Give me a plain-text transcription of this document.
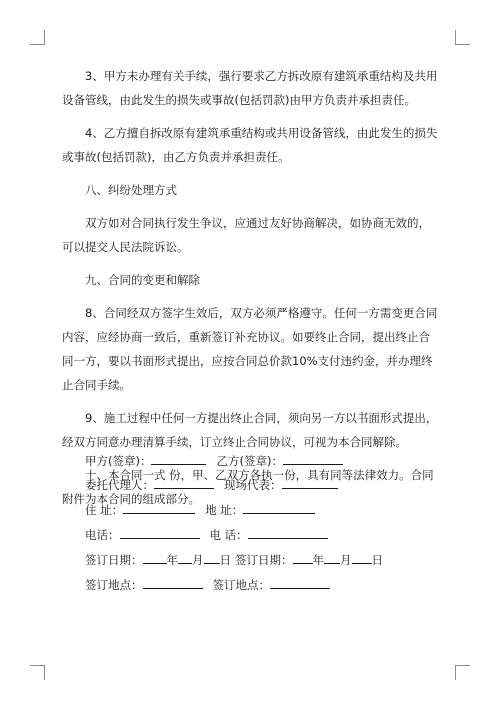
3、甲方未办理有关手续，强行要求乙方拆改原有建筑承重结构及共用设备管线，由此发生的损失或事故(包括罚款)由甲方负责并承担责任。

4、乙方擅自拆改原有建筑承重结构或共用设备管线，由此发生的损失或事故(包括罚款)，由乙方负责并承担责任。

八、纠纷处理方式

双方如对合同执行发生争议，应通过友好协商解决，如协商无效的，可以提交人民法院诉讼。

九、合同的变更和解除

8、合同经双方签字生效后，双方必须严格遵守。任何一方需变更合同内容，应经协商一致后，重新签订补充协议。如要终止合同，提出终止合同一方，要以书面形式提出，应按合同总价款10%支付违约金，并办理终止合同手续。

9、施工过程中任何一方提出终止合同，须向另一方以书面形式提出，经双方同意办理清算手续，订立终止合同协议，可视为本合同解除。

十、本合同一式 份，甲、乙双方各执一份，具有同等法律效力。合同附件为本合同的组成部分。

甲方(签章)：	乙方(签章)：
委托代理人：	现场代表：
住 址：	地 址：
电话：	电 话：
签订日期： 年 月 日 签订日期： 年 月 日
签订地点：	签订地点：
